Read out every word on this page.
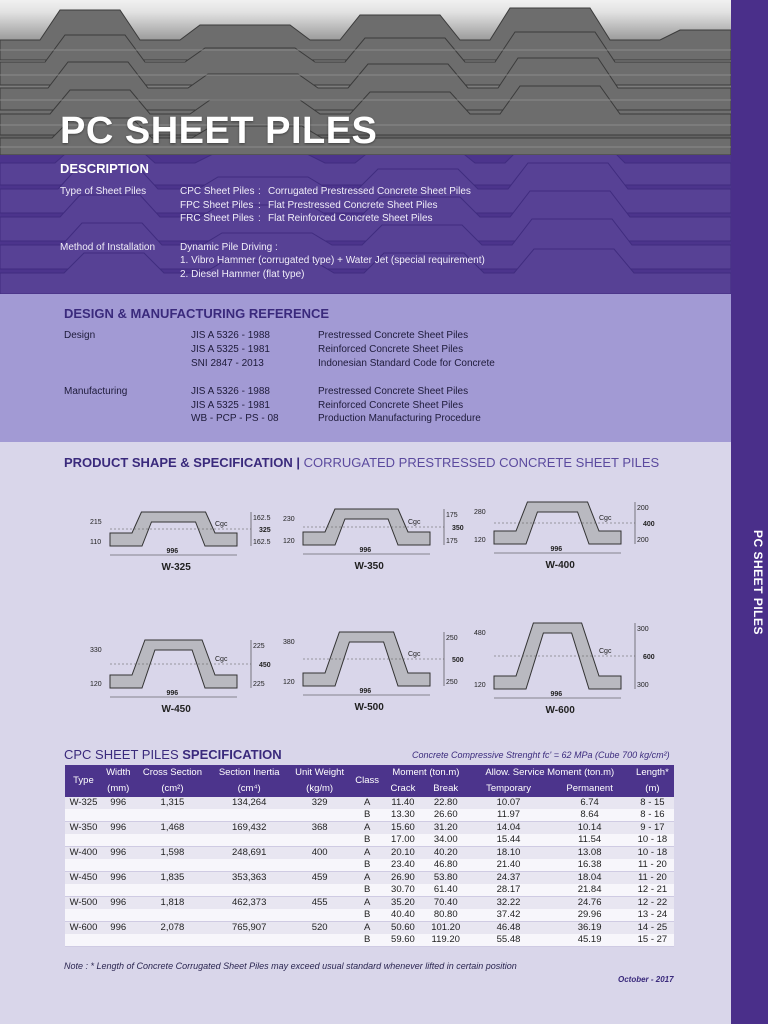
PC SHEET PILES
PC SHEET PILES
DESCRIPTION
Type of Sheet Piles	CPC Sheet Piles : Corrugated Prestressed Concrete Sheet Piles
FPC Sheet Piles : Flat Prestressed Concrete Sheet Piles
FRC Sheet Piles : Flat Reinforced Concrete Sheet Piles
Method of Installation Dynamic Pile Driving :
1. Vibro Hammer (corrugated type) + Water Jet (special requirement)
2. Diesel Hammer (flat type)
DESIGN & MANUFACTURING REFERENCE
Design	JIS A 5326 - 1988	Prestressed Concrete Sheet Piles
JIS A 5325 - 1981	Reinforced Concrete Sheet Piles
SNI 2847 - 2013	Indonesian Standard Code for Concrete
Manufacturing	JIS A 5326 - 1988	Prestressed Concrete Sheet Piles
JIS A 5325 - 1981	Reinforced Concrete Sheet Piles
WB - PCP - PS - 08	Production Manufacturing Procedure
PRODUCT SHAPE & SPECIFICATION | CORRUGATED PRESTRESSED CONCRETE SHEET PILES
Cgc
215
110
162.5
325
162.5
996
W-325
Cgc
230
120
175
350
175
996
W-350
Cgc
280
120
200
400
200
996
W-400
Cgc
330
120
225
450
225
996
W-450
Cgc
380
120
250
500
250
996
W-500
Cgc
480
120
300
600
300
996
W-600
CPC SHEET PILES SPECIFICATION	Concrete Compressive Strenght fc' = 62 MPa (Cube 700 kg/cm²)
Type	Width	Cross Section	Section Inertia	Unit Weight	Class	Moment (ton.m)		Allow. Service Moment (ton.m)		Length*
	(mm)	(cm²)	(cm⁴)	(kg/m)		Crack	Break	Temporary	Permanent	(m)
W-325	996	1,315	134,264	329	A	11.40	22.80	10.07	6.74	8 - 15
					B	13.30	26.60	11.97	8.64	8 - 16
W-350	996	1,468	169,432	368	A	15.60	31.20	14.04	10.14	9 - 17
					B	17.00	34.00	15.44	11.54	10 - 18
W-400	996	1,598	248,691	400	A	20.10	40.20	18.10	13.08	10 - 18
					B	23.40	46.80	21.40	16.38	11 - 20
W-450	996	1,835	353,363	459	A	26.90	53.80	24.37	18.04	11 - 20
					B	30.70	61.40	28.17	21.84	12 - 21
W-500	996	1,818	462,373	455	A	35.20	70.40	32.22	24.76	12 - 22
					B	40.40	80.80	37.42	29.96	13 - 24
W-600	996	2,078	765,907	520	A	50.60	101.20	46.48	36.19	14 - 25
					B	59.60	119.20	55.48	45.19	15 - 27
Note : * Length of Concrete Corrugated Sheet Piles may exceed usual standard whenever lifted in certain position
October - 2017
